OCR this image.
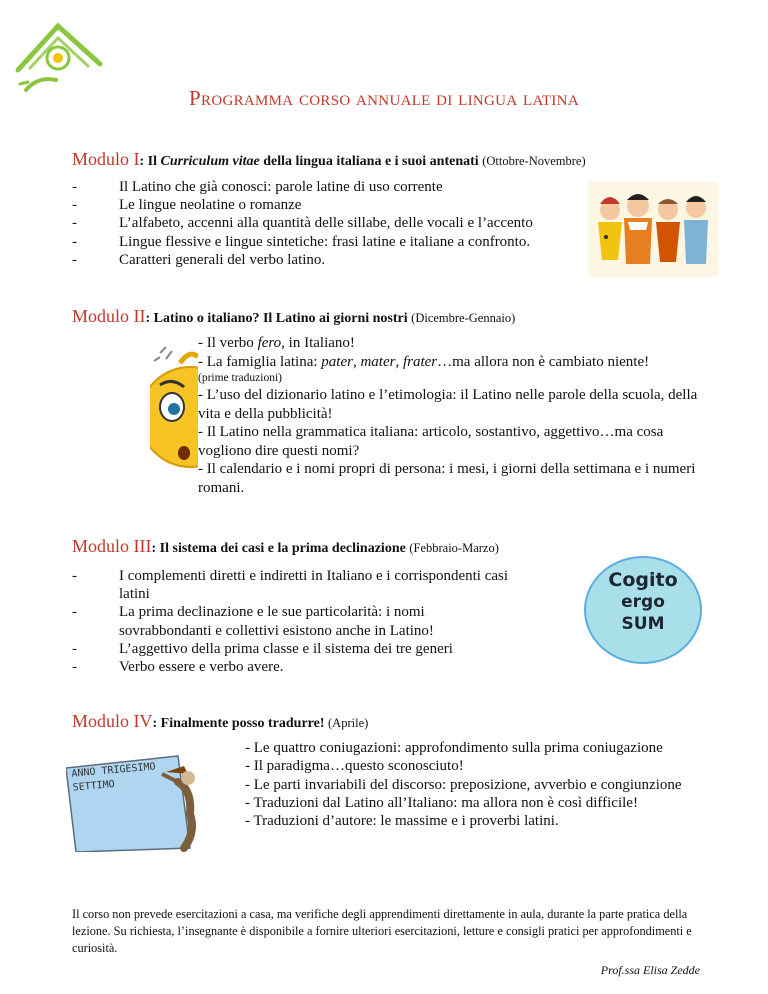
Programma corso annuale di lingua latina
Modulo I: Il Curriculum vitae della lingua italiana e i suoi antenati (Ottobre-Novembre)
- Il Latino che già conosci: parole latine di uso corrente
- Le lingue neolatine o romanze
- L’alfabeto, accenni alla quantità delle sillabe, delle vocali e l’accento
- Lingue flessive e lingue sintetiche: frasi latine e italiane a confronto.
- Caratteri generali del verbo latino.
Modulo II: Latino o italiano? Il Latino ai giorni nostri (Dicembre-Gennaio)
- Il verbo fero, in Italiano!
- La famiglia latina: pater, mater, frater…ma allora non è cambiato niente!
(prime traduzioni)
- L’uso del dizionario latino e l’etimologia: il Latino nelle parole della scuola, della vita e della pubblicità!
- Il Latino nella grammatica italiana: articolo, sostantivo, aggettivo…ma cosa vogliono dire questi nomi?
- Il calendario e i nomi propri di persona: i mesi, i giorni della settimana e i numeri romani.
Modulo III: Il sistema dei casi e la prima declinazione (Febbraio-Marzo)
- I complementi diretti e indiretti in Italiano e i corrispondenti casi latini
- La prima declinazione e le sue particolarità: i nomi sovrabbondanti e collettivi esistono anche in Latino!
- L’aggettivo della prima classe e il sistema dei tre generi
- Verbo essere e verbo avere.
Cogito
ergo
SUM
Modulo IV: Finalmente posso tradurre! (Aprile)
ANNO TRIGESIMO
SETTIMO
- Le quattro coniugazioni: approfondimento sulla prima coniugazione
- Il paradigma…questo sconosciuto!
- Le parti invariabili del discorso: preposizione, avverbio e congiunzione
- Traduzioni dal Latino all’Italiano: ma allora non è così difficile!
- Traduzioni d’autore: le massime e i proverbi latini.
Il corso non prevede esercitazioni a casa, ma verifiche degli apprendimenti direttamente in aula, durante la parte pratica della lezione. Su richiesta, l’insegnante è disponibile a fornire ulteriori esercitazioni, letture e consigli pratici per approfondimenti e curiosità.
Prof.ssa Elisa Zedde
